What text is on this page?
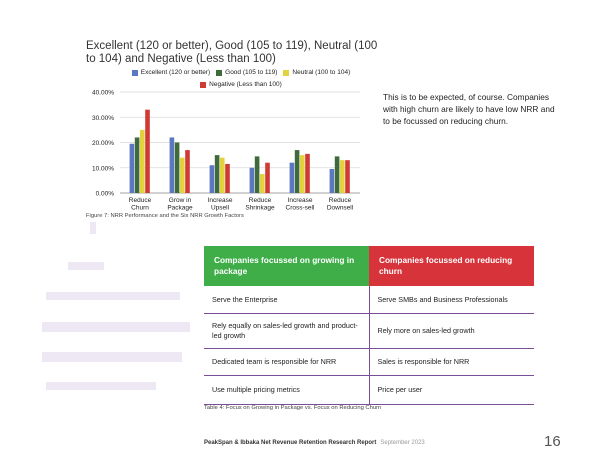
Excellent (120 or better), Good (105 to 119), Neutral (100 to 104) and Negative (Less than 100)
Excellent (120 or better) Good (105 to 119) Neutral (100 to 104)

Negative (Less than 100)
0.00%
10.00%
20.00%
30.00%
40.00%
Reduce
Churn
Grow in
Package
Increase
Upsell
Reduce
Shrinkage
Increase
Cross-sell
Reduce
Downsell
This is to be expected, of course. Companies with high churn are likely to have low NRR and to be focussed on reducing churn.
Figure 7: NRR Performance and the Six NRR Growth Factors
Companies focussed on growing in package	Companies focussed on reducing churn
Serve the Enterprise	Serve SMBs and Business Professionals
Rely equally on sales-led growth and product-led growth	Rely more on sales-led growth
Dedicated team is responsible for NRR	Sales is responsible for NRR
Use multiple pricing metrics	Price per user
Table 4: Focus on Growing in Package vs. Focus on Reducing Churn
PeakSpan & Ibbaka Net Revenue Retention Research Report September 2023	16
